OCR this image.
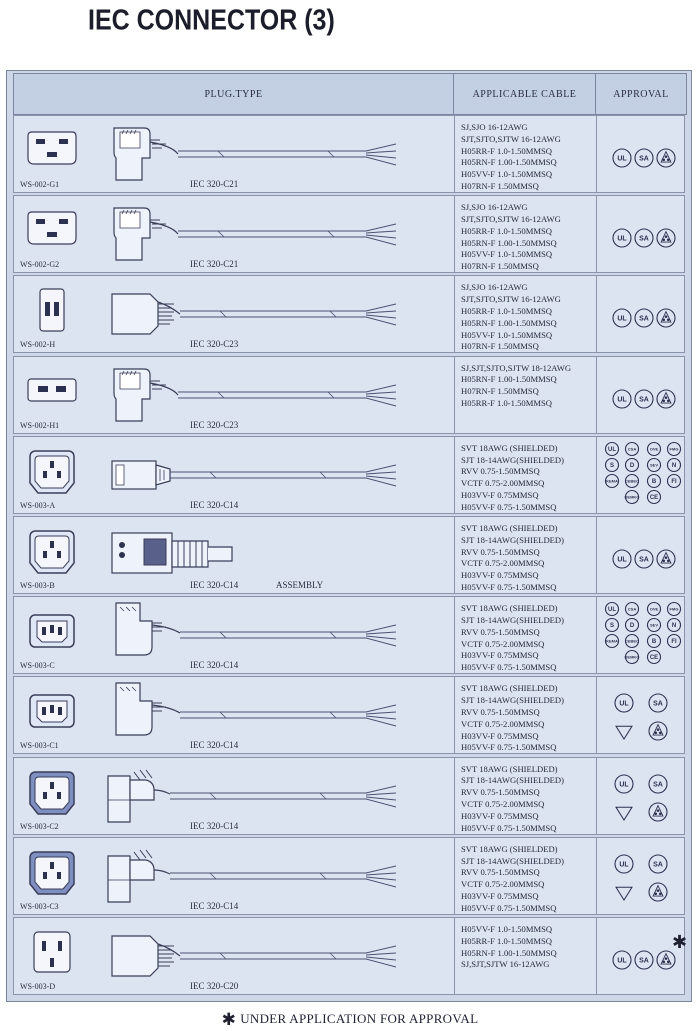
IEC CONNECTOR (3)
PLUG.TYPE	APPLICABLE CABLE	APPROVAL
WS-002-G1	IEC 320-C21
SJ,SJO 16-12AWG
SJT,SJTO,SJTW 16-12AWG
H05RR-F 1.0-1.50MMSQ
H05RN-F 1.00-1.50MMSQ
H05VV-F 1.0-1.50MMSQ
H07RN-F 1.50MMSQ
UL SA
WS-002-G2	IEC 320-C21
SJ,SJO 16-12AWG
SJT,SJTO,SJTW 16-12AWG
H05RR-F 1.0-1.50MMSQ
H05RN-F 1.00-1.50MMSQ
H05VV-F 1.0-1.50MMSQ
H07RN-F 1.50MMSQ
UL SA
WS-002-H	IEC 320-C23
SJ,SJO 16-12AWG
SJT,SJTO,SJTW 16-12AWG
H05RR-F 1.0-1.50MMSQ
H05RN-F 1.00-1.50MMSQ
H05VV-F 1.0-1.50MMSQ
H07RN-F 1.50MMSQ
UL SA
WS-002-H1	IEC 320-C23
SJ,SJT,SJTO,SJTW 18-12AWG
H05RN-F 1.00-1.50MMSQ
H07RN-F 1.50MMSQ
H05RR-F 1.0-1.50MMSQ	UL SA
WS-003-A	IEC 320-C14
SVT 18AWG (SHIELDED)
SJT 18-14AWG(SHIELDED)
RVV 0.75-1.50MMSQ
VCTF 0.75-2.00MMSQ
H03VV-F 0.75MMSQ
H05VV-F 0.75-1.50MMSQ
UL	CSA	OVE	FMG
S	D	SEV N
KEMA CEBEC B	FI
DEMKO CE
WS-003-B	IEC 320-C14	ASSEMBLY
SVT 18AWG (SHIELDED)
SJT 18-14AWG(SHIELDED)
RVV 0.75-1.50MMSQ
VCTF 0.75-2.00MMSQ
H03VV-F 0.75MMSQ
H05VV-F 0.75-1.50MMSQ
UL SA
WS-003-C	IEC 320-C14
SVT 18AWG (SHIELDED)
SJT 18-14AWG(SHIELDED)
RVV 0.75-1.50MMSQ
VCTF 0.75-2.00MMSQ
H03VV-F 0.75MMSQ
H05VV-F 0.75-1.50MMSQ
UL	CSA	OVE	FMG
S	D	SEV N
KEMA CEBEC B	FI
DEMKO CE
WS-003-C1	IEC 320-C14
SVT 18AWG (SHIELDED)
SJT 18-14AWG(SHIELDED)
RVV 0.75-1.50MMSQ
VCTF 0.75-2.00MMSQ
H03VV-F 0.75MMSQ
H05VV-F 0.75-1.50MMSQ
UL	SA
WS-003-C2	IEC 320-C14
SVT 18AWG (SHIELDED)
SJT 18-14AWG(SHIELDED)
RVV 0.75-1.50MMSQ
VCTF 0.75-2.00MMSQ
H03VV-F 0.75MMSQ
H05VV-F 0.75-1.50MMSQ
UL	SA
WS-003-C3	IEC 320-C14
SVT 18AWG (SHIELDED)
SJT 18-14AWG(SHIELDED)
RVV 0.75-1.50MMSQ
VCTF 0.75-2.00MMSQ
H03VV-F 0.75MMSQ
H05VV-F 0.75-1.50MMSQ
UL	SA
WS-003-D	IEC 320-C20
H05VV-F 1.0-1.50MMSQ
H05RR-F 1.0-1.50MMSQ
H05RN-F 1.00-1.50MMSQ
SJ,SJT,SJTW 16-12AWG	UL SA
✱
✱ UNDER APPLICATION FOR APPROVAL
